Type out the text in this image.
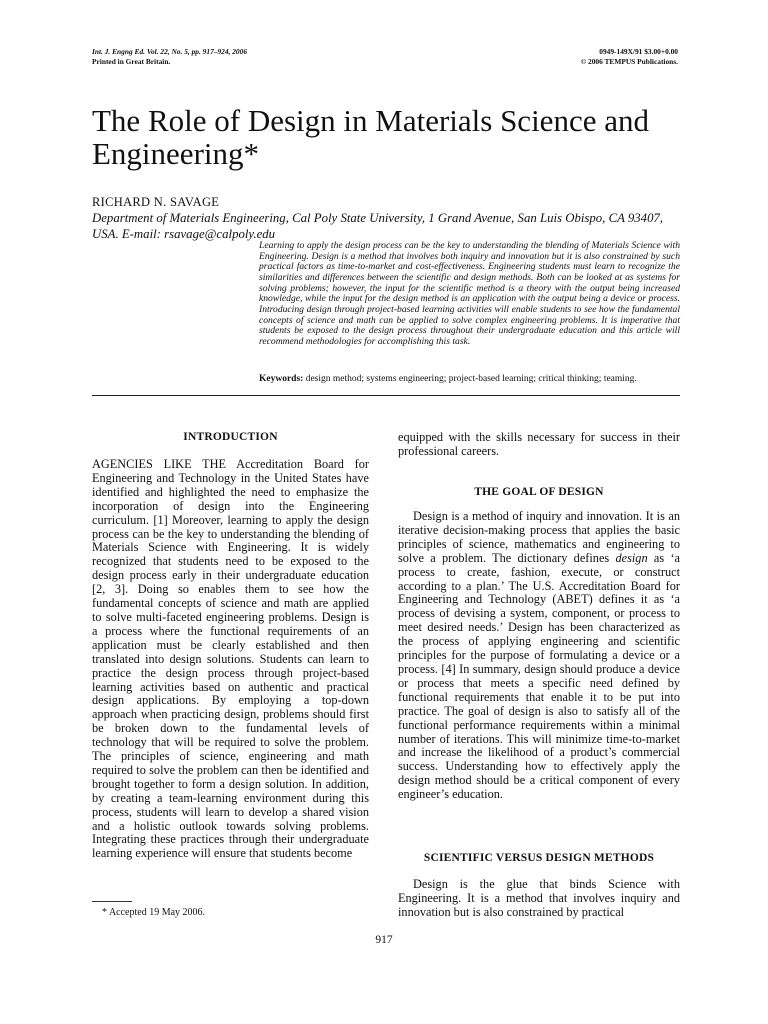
Int. J. Engng Ed. Vol. 22, No. 5, pp. 917–924, 2006
Printed in Great Britain.
0949-149X/91 $3.00+0.00
© 2006 TEMPUS Publications.
The Role of Design in Materials Science and Engineering*
RICHARD N. SAVAGE
Department of Materials Engineering, Cal Poly State University, 1 Grand Avenue, San Luis Obispo, CA 93407, USA. E-mail: rsavage@calpoly.edu
Learning to apply the design process can be the key to understanding the blending of Materials Science with Engineering. Design is a method that involves both inquiry and innovation but it is also constrained by such practical factors as time-to-market and cost-effectiveness. Engineering students must learn to recognize the similarities and differences between the scientific and design methods. Both can be looked at as systems for solving problems; however, the input for the scientific method is a theory with the output being increased knowledge, while the input for the design method is an application with the output being a device or process. Introducing design through project-based learning activities will enable students to see how the fundamental concepts of science and math can be applied to solve complex engineering problems. It is imperative that students be exposed to the design process throughout their undergraduate education and this article will recommend methodologies for accomplishing this task.
Keywords: design method; systems engineering; project-based learning; critical thinking; teaming.
INTRODUCTION

AGENCIES LIKE THE Accreditation Board for Engineering and Technology in the United States have identified and highlighted the need to emphasize the incorporation of design into the Engineering curriculum. [1] Moreover, learning to apply the design process can be the key to understanding the blending of Materials Science with Engineering. It is widely recognized that students need to be exposed to the design process early in their undergraduate education [2, 3]. Doing so enables them to see how the fundamental concepts of science and math are applied to solve multi-faceted engineering problems. Design is a process where the functional requirements of an application must be clearly established and then translated into design solutions. Students can learn to practice the design process through project-based learning activities based on authentic and practical design applications. By employing a top-down approach when practicing design, problems should first be broken down to the fundamental levels of technology that will be required to solve the problem. The principles of science, engineering and math required to solve the problem can then be identified and brought together to form a design solution. In addition, by creating a team-learning environment during this process, students will learn to develop a shared vision and a holistic outlook towards solving problems. Integrating these practices through their undergraduate learning experience will ensure that students become

equipped with the skills necessary for success in their professional careers.

THE GOAL OF DESIGN

Design is a method of inquiry and innovation. It is an iterative decision-making process that applies the basic principles of science, mathematics and engineering to solve a problem. The dictionary defines design as ‘a process to create, fashion, execute, or construct according to a plan.’ The U.S. Accreditation Board for Engineering and Technology (ABET) defines it as ‘a process of devising a system, component, or process to meet desired needs.’ Design has been characterized as the process of applying engineering and scientific principles for the purpose of formulating a device or a process. [4] In summary, design should produce a device or process that meets a specific need defined by functional requirements that enable it to be put into practice. The goal of design is also to satisfy all of the functional performance requirements within a minimal number of iterations. This will minimize time-to-market and increase the likelihood of a product’s commercial success. Understanding how to effectively apply the design method should be a critical component of every engineer’s education.

SCIENTIFIC VERSUS DESIGN METHODS

Design is the glue that binds Science with Engineering. It is a method that involves inquiry and innovation but is also constrained by practical

* Accepted 19 May 2006.
917
